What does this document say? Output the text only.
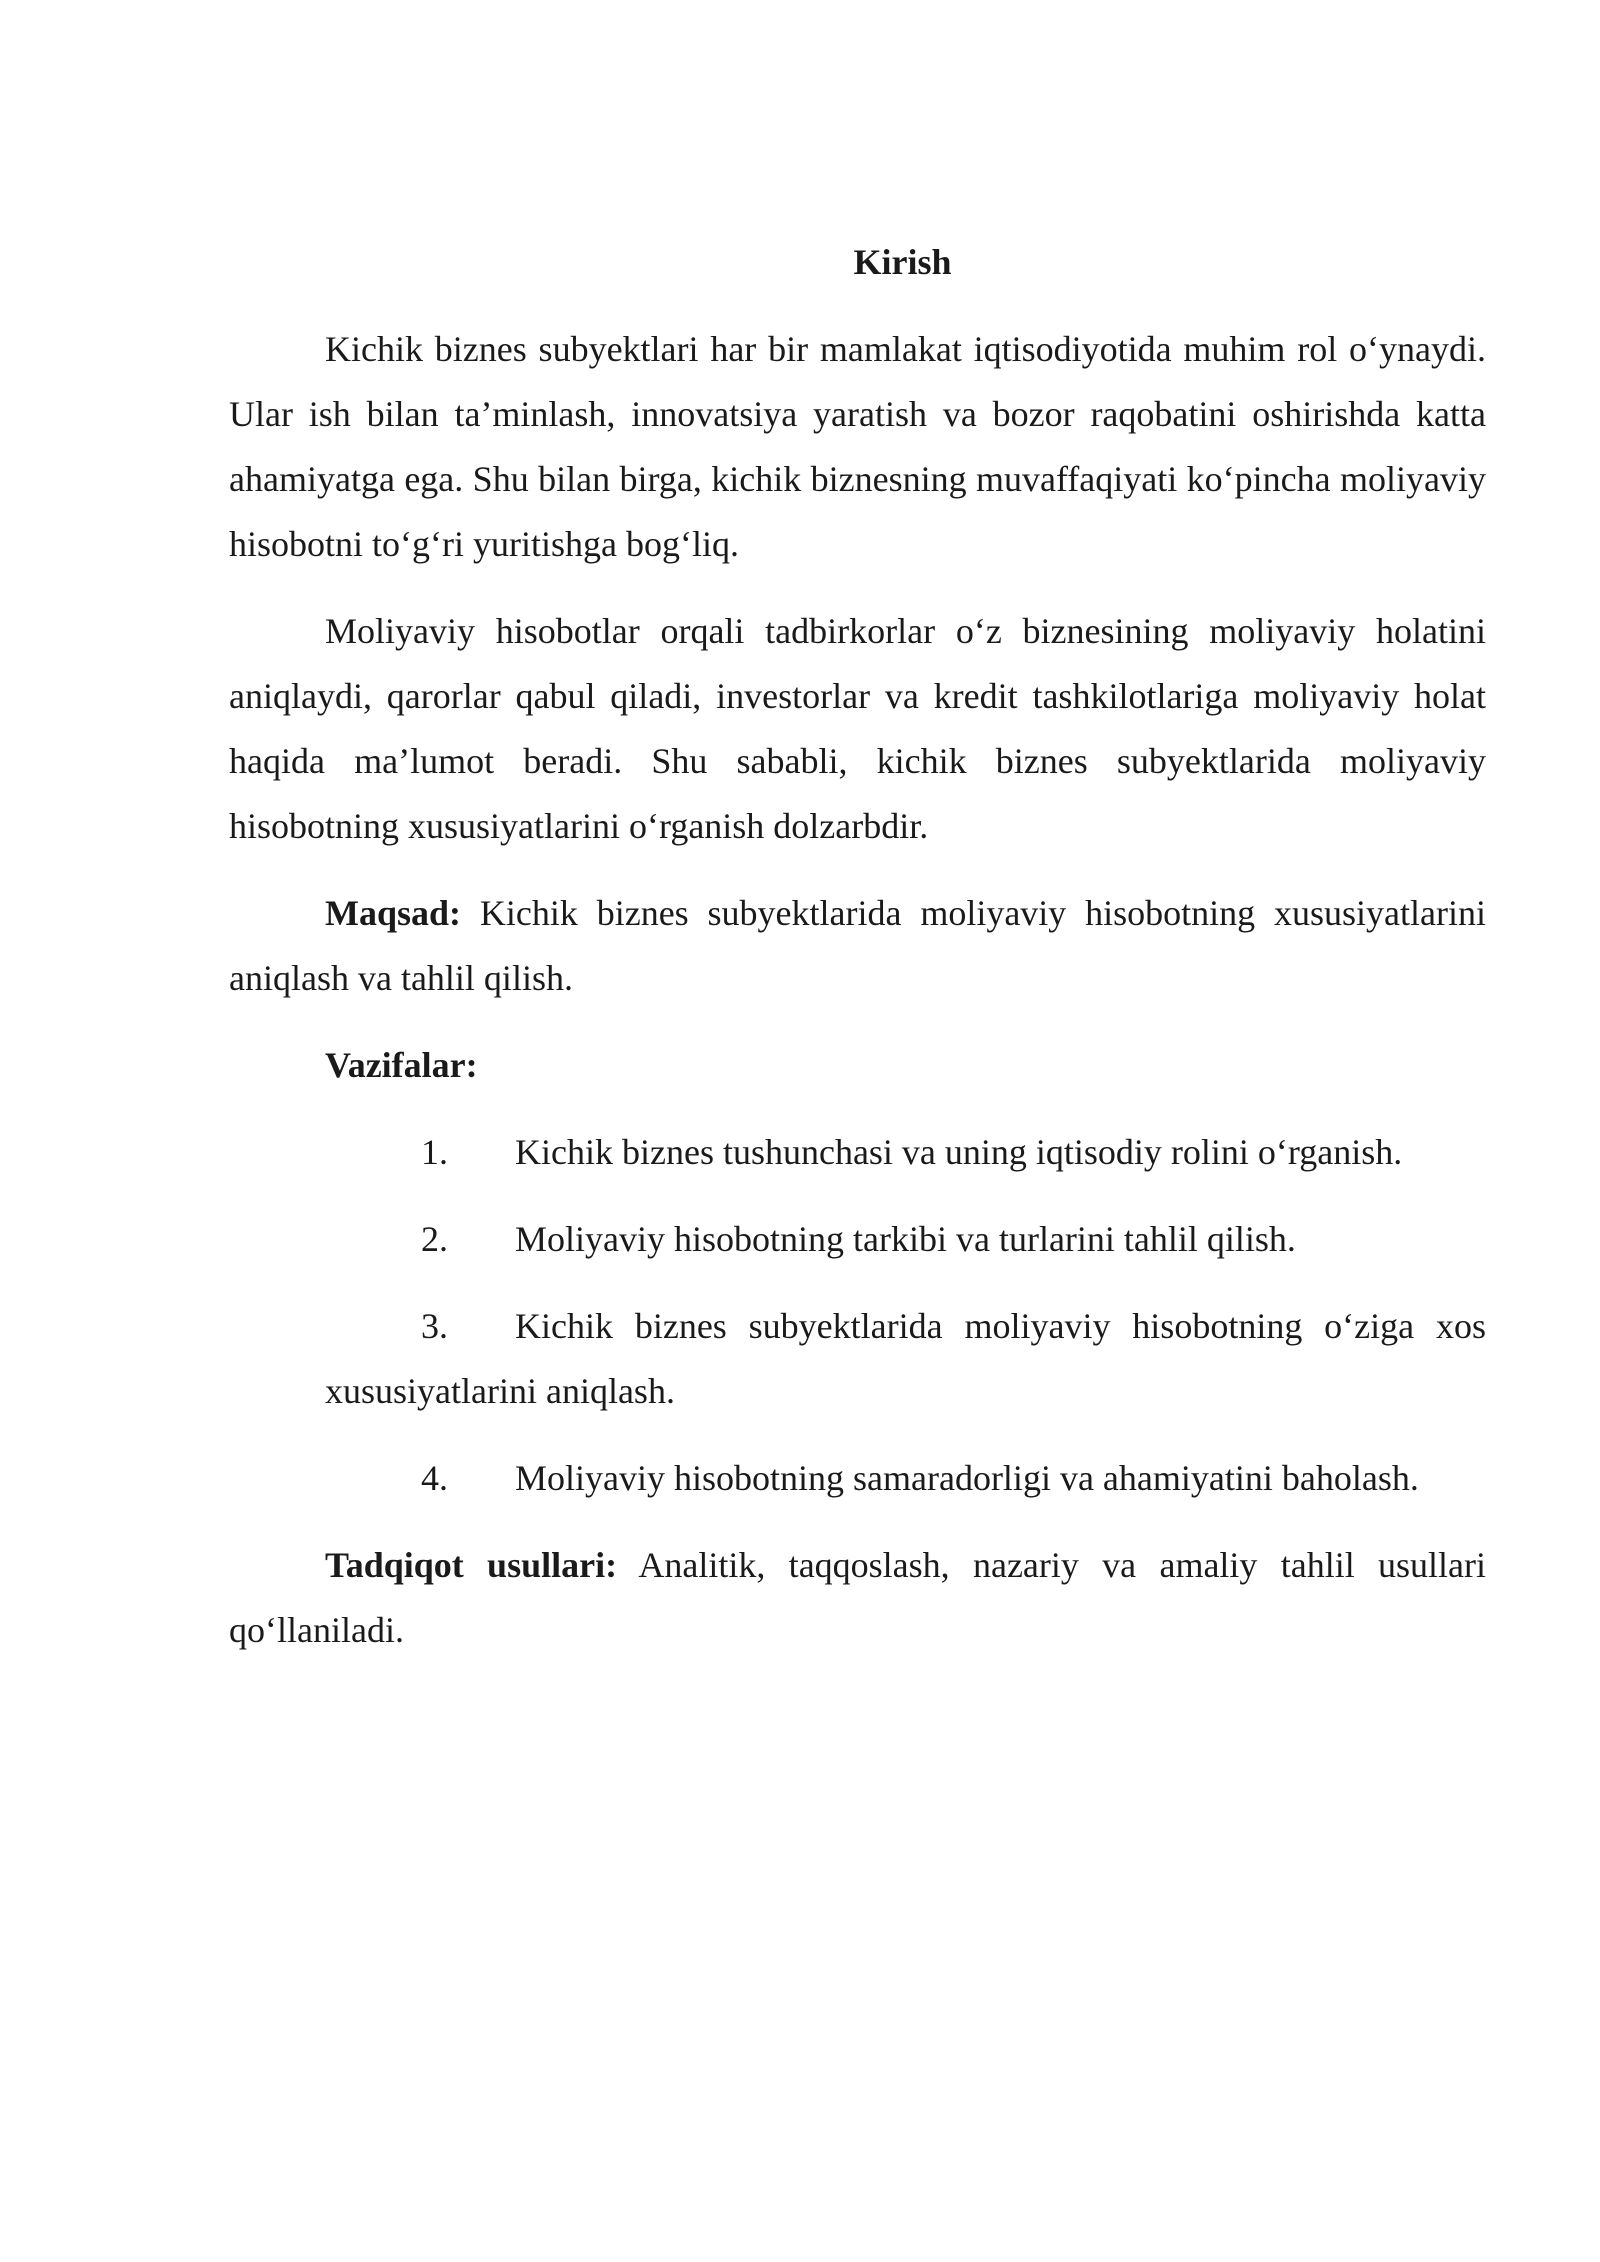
Kirish

Kichik biznes subyektlari har bir mamlakat iqtisodiyotida muhim rol o‘ynaydi. Ular ish bilan ta’minlash, innovatsiya yaratish va bozor raqobatini oshirishda katta ahamiyatga ega. Shu bilan birga, kichik biznesning muvaffaqiyati ko‘pincha moliyaviy hisobotni to‘g‘ri yuritishga bog‘liq.

Moliyaviy hisobotlar orqali tadbirkorlar o‘z biznesining moliyaviy holatini aniqlaydi, qarorlar qabul qiladi, investorlar va kredit tashkilotlariga moliyaviy holat haqida ma’lumot beradi. Shu sababli, kichik biznes subyektlarida moliyaviy hisobotning xususiyatlarini o‘rganish dolzarbdir.

Maqsad: Kichik biznes subyektlarida moliyaviy hisobotning xususiyatlarini aniqlash va tahlil qilish.

Vazifalar:

1. Kichik biznes tushunchasi va uning iqtisodiy rolini o‘rganish.

2. Moliyaviy hisobotning tarkibi va turlarini tahlil qilish.

3. Kichik biznes subyektlarida moliyaviy hisobotning o‘ziga xos xususiyatlarini aniqlash.

4. Moliyaviy hisobotning samaradorligi va ahamiyatini baholash.

Tadqiqot usullari: Analitik, taqqoslash, nazariy va amaliy tahlil usullari qo‘llaniladi.
